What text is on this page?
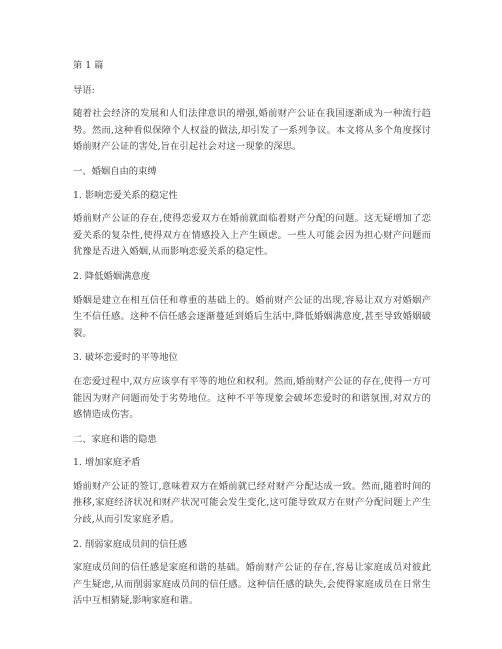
第 1 篇

导语:

随着社会经济的发展和人们法律意识的增强,婚前财产公证在我国逐渐成为一种流行趋势。然而,这种看似保障个人权益的做法,却引发了一系列争议。本文将从多个角度探讨婚前财产公证的害处,旨在引起社会对这一现象的深思。

一、婚姻自由的束缚

1. 影响恋爱关系的稳定性

婚前财产公证的存在,使得恋爱双方在婚前就面临着财产分配的问题。这无疑增加了恋爱关系的复杂性,使得双方在情感投入上产生顾虑。一些人可能会因为担心财产问题而犹豫是否进入婚姻,从而影响恋爱关系的稳定性。

2. 降低婚姻满意度

婚姻是建立在相互信任和尊重的基础上的。婚前财产公证的出现,容易让双方对婚姻产生不信任感。这种不信任感会逐渐蔓延到婚后生活中,降低婚姻满意度,甚至导致婚姻破裂。

3. 破坏恋爱时的平等地位

在恋爱过程中,双方应该享有平等的地位和权利。然而,婚前财产公证的存在,使得一方可能因为财产问题而处于劣势地位。这种不平等现象会破坏恋爱时的和谐氛围,对双方的感情造成伤害。

二、家庭和谐的隐患

1. 增加家庭矛盾

婚前财产公证的签订,意味着双方在婚前就已经对财产分配达成一致。然而,随着时间的推移,家庭经济状况和财产状况可能会发生变化,这可能导致双方在财产分配问题上产生分歧,从而引发家庭矛盾。

2. 削弱家庭成员间的信任感

家庭成员间的信任感是家庭和谐的基础。婚前财产公证的存在,容易让家庭成员对彼此产生疑虑,从而削弱家庭成员间的信任感。这种信任感的缺失,会使得家庭成员在日常生活中互相猜疑,影响家庭和谐。
